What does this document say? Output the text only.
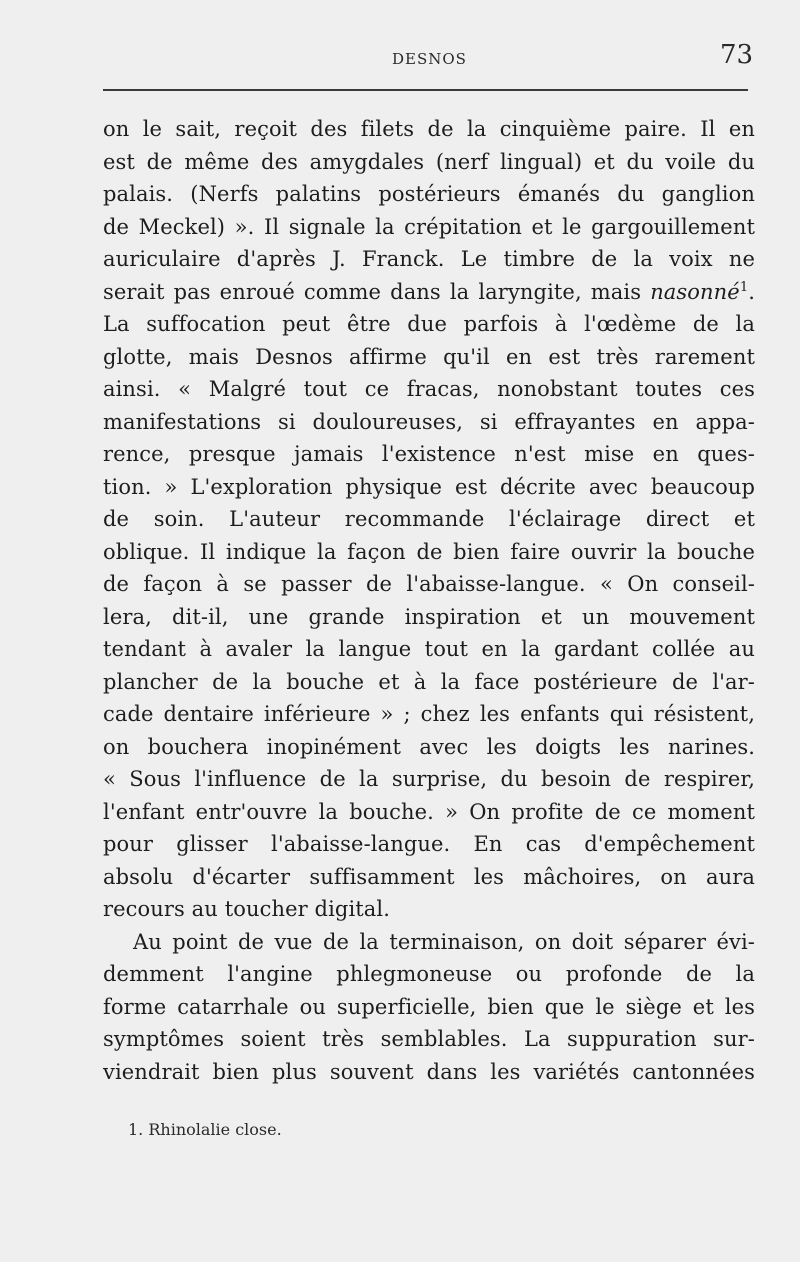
DESNOS	73
on le sait, reçoit des filets de la cinquième paire. Il en
est de même des amygdales (nerf lingual) et du voile du
palais. (Nerfs palatins postérieurs émanés du ganglion
de Meckel) ». Il signale la crépitation et le gargouillement
auriculaire d'après J. Franck. Le timbre de la voix ne
serait pas enroué comme dans la laryngite, mais nasonné$^1$.
La suffocation peut être due parfois à l'œdème de la
glotte, mais Desnos affirme qu'il en est très rarement
ainsi. « Malgré tout ce fracas, nonobstant toutes ces
manifestations si douloureuses, si effrayantes en appa-
rence, presque jamais l'existence n'est mise en ques-
tion. » L'exploration physique est décrite avec beaucoup
de soin. L'auteur recommande l'éclairage direct et
oblique. Il indique la façon de bien faire ouvrir la bouche
de façon à se passer de l'abaisse-langue. « On conseil-
lera, dit-il, une grande inspiration et un mouvement
tendant à avaler la langue tout en la gardant collée au
plancher de la bouche et à la face postérieure de l'ar-
cade dentaire inférieure » ; chez les enfants qui résistent,
on bouchera inopinément avec les doigts les narines.
« Sous l'influence de la surprise, du besoin de respirer,
l'enfant entr'ouvre la bouche. » On profite de ce moment
pour glisser l'abaisse-langue. En cas d'empêchement
absolu d'écarter suffisamment les mâchoires, on aura
recours au toucher digital.
Au point de vue de la terminaison, on doit séparer évi-
demment l'angine phlegmoneuse ou profonde de la
forme catarrhale ou superficielle, bien que le siège et les
symptômes soient très semblables. La suppuration sur-
viendrait bien plus souvent dans les variétés cantonnées
1. Rhinolalie close.
